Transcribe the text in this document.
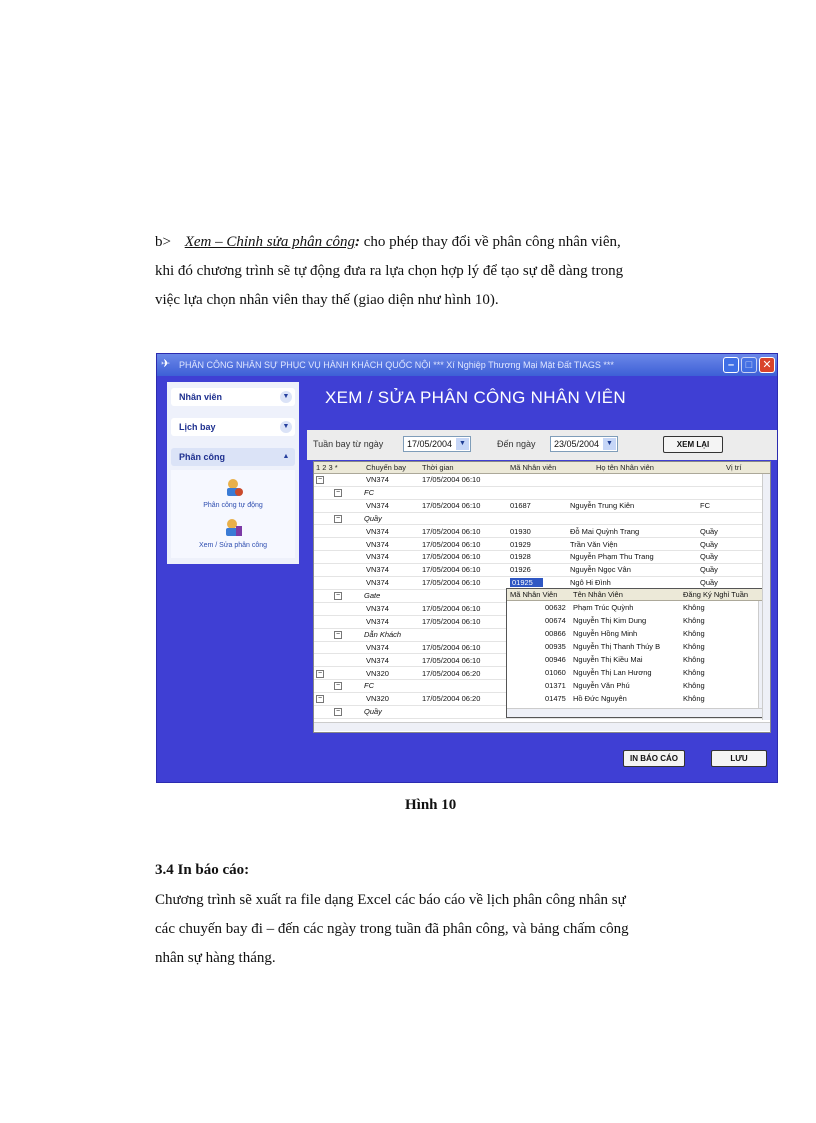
b> Xem – Chỉnh sửa phân công: cho phép thay đổi về phân công nhân viên,
khi đó chương trình sẽ tự động đưa ra lựa chọn hợp lý để tạo sự dễ dàng trong
việc lựa chọn nhân viên thay thế (giao diện như hình 10).
✈ PHÂN CÔNG NHÂN SỰ PHỤC VỤ HÀNH KHÁCH QUỐC NỘI *** Xí Nghiệp Thương Mại Mặt Đất TIAGS ***	–	□ ✕
Nhân viên	▼
Lịch bay	▼
Phân công	▲
Phân công tự động
Xem / Sửa phân công
XEM / SỬA PHÂN CÔNG NHÂN VIÊN
Tuần bay từ ngày	17/05/2004 ▼	Đến ngày	23/05/2004 ▼	XEM LẠI
1 2 3 *	Chuyến bay Thời gian	Mã Nhân viên	Họ tên Nhân viên	Vị trí
−	VN374	17/05/2004 06:10
−	FC
VN374	17/05/2004 06:10	01687	Nguyễn Trung Kiên	FC
−	Quầy
VN374	17/05/2004 06:10	01930	Đỗ Mai Quỳnh Trang	Quầy
VN374	17/05/2004 06:10	01929	Trần Văn Viện	Quầy
VN374	17/05/2004 06:10	01928	Nguyễn Phạm Thu Trang	Quầy
VN374	17/05/2004 06:10	01926	Nguyễn Ngọc Vân	Quầy
VN374	17/05/2004 06:10	01925	Ngô Hi Đình	Quầy
−	Gate
VN374	17/05/2004 06:10
VN374	17/05/2004 06:10
−	Dẫn Khách
VN374	17/05/2004 06:10
VN374	17/05/2004 06:10
−	VN320	17/05/2004 06:20
−	FC
−	VN320	17/05/2004 06:20
−	Quầy
Mã Nhân Viên Tên Nhân Viên	Đăng Ký Nghỉ Tuần
00632 Phạm Trúc Quỳnh	Không
00674 Nguyễn Thị Kim Dung	Không
00866 Nguyễn Hồng Minh	Không
00935 Nguyễn Thị Thanh Thúy B	Không
00946 Nguyễn Thị Kiều Mai	Không
01060 Nguyễn Thị Lan Hương	Không
01371 Nguyễn Văn Phú	Không
01475 Hồ Đức Nguyên	Không
IN BÁO CÁO	LƯU
Hình 10
3.4 In báo cáo:
Chương trình sẽ xuất ra file dạng Excel các báo cáo về lịch phân công nhân sự
các chuyến bay đi – đến các ngày trong tuần đã phân công, và bảng chấm công
nhân sự hàng tháng.
